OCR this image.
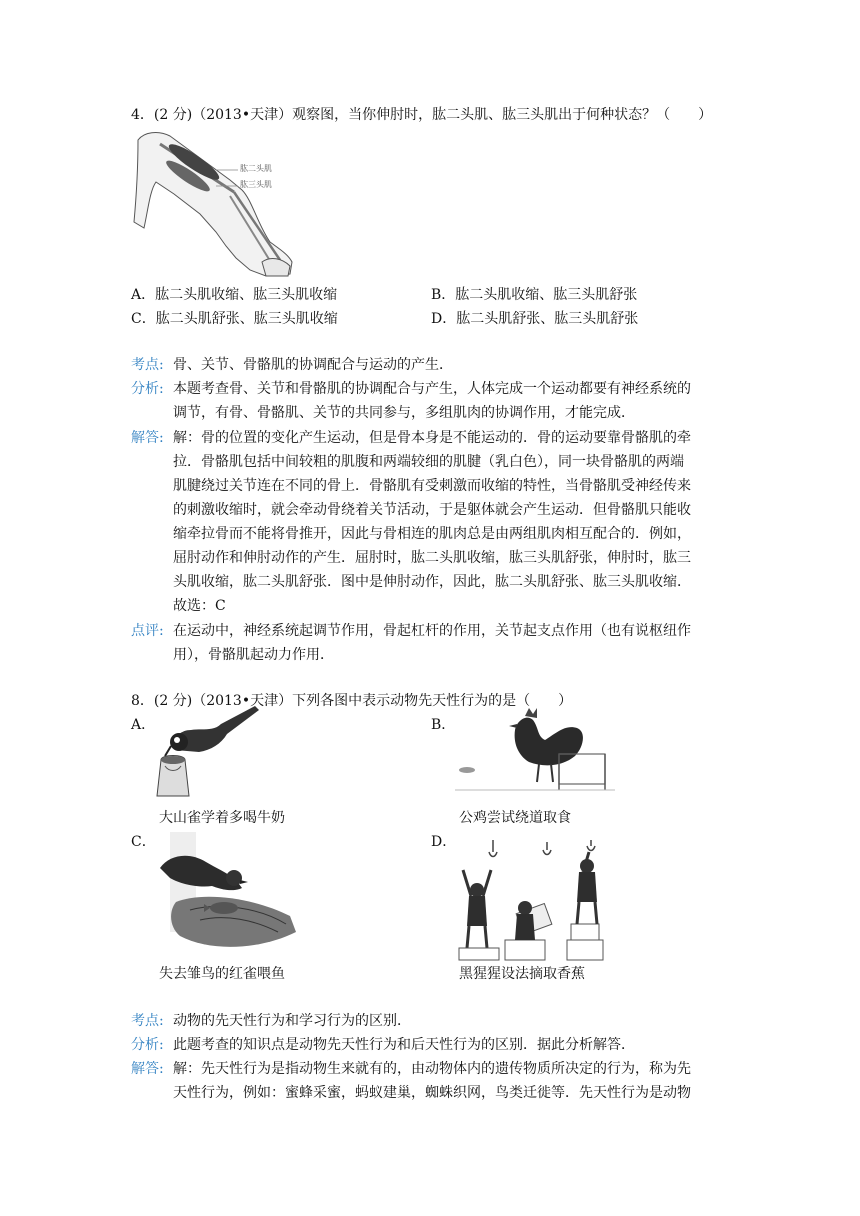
4．(2 分)（2013•天津）观察图，当你伸肘时，肱二头肌、肱三头肌出于何种状态？（　　）
肱二头肌
肱三头肌
A．肱二头肌收缩、肱三头肌收缩	B．肱二头肌收缩、肱三头肌舒张
C．肱二头肌舒张、肱三头肌收缩	D．肱二头肌舒张、肱三头肌舒张
考点: 骨、关节、骨骼肌的协调配合与运动的产生．
分析: 本题考查骨、关节和骨骼肌的协调配合与产生，人体完成一个运动都要有神经系统的
调节，有骨、骨骼肌、关节的共同参与，多组肌肉的协调作用，才能完成．
解答: 解：骨的位置的变化产生运动，但是骨本身是不能运动的．骨的运动要靠骨骼肌的牵
拉．骨骼肌包括中间较粗的肌腹和两端较细的肌腱（乳白色），同一块骨骼肌的两端
肌腱绕过关节连在不同的骨上．骨骼肌有受刺激而收缩的特性，当骨骼肌受神经传来
的刺激收缩时，就会牵动骨绕着关节活动，于是躯体就会产生运动．但骨骼肌只能收
缩牵拉骨而不能将骨推开，因此与骨相连的肌肉总是由两组肌肉相互配合的．例如，
屈肘动作和伸肘动作的产生．屈肘时，肱二头肌收缩，肱三头肌舒张，伸肘时，肱三
头肌收缩，肱二头肌舒张．图中是伸肘动作，因此，肱二头肌舒张、肱三头肌收缩．
故选：C
点评: 在运动中，神经系统起调节作用，骨起杠杆的作用，关节起支点作用（也有说枢纽作
用），骨骼肌起动力作用．
8．(2 分)（2013•天津）下列各图中表示动物先天性行为的是（　　）
A．	B．
大山雀学着多喝牛奶	公鸡尝试绕道取食
C．	D．
失去雏鸟的红雀喂鱼	黑猩猩设法摘取香蕉
考点: 动物的先天性行为和学习行为的区别．
分析: 此题考查的知识点是动物先天性行为和后天性行为的区别．据此分析解答．
解答: 解：先天性行为是指动物生来就有的，由动物体内的遗传物质所决定的行为，称为先
天性行为，例如：蜜蜂采蜜，蚂蚁建巢，蜘蛛织网，鸟类迁徙等．先天性行为是动物
